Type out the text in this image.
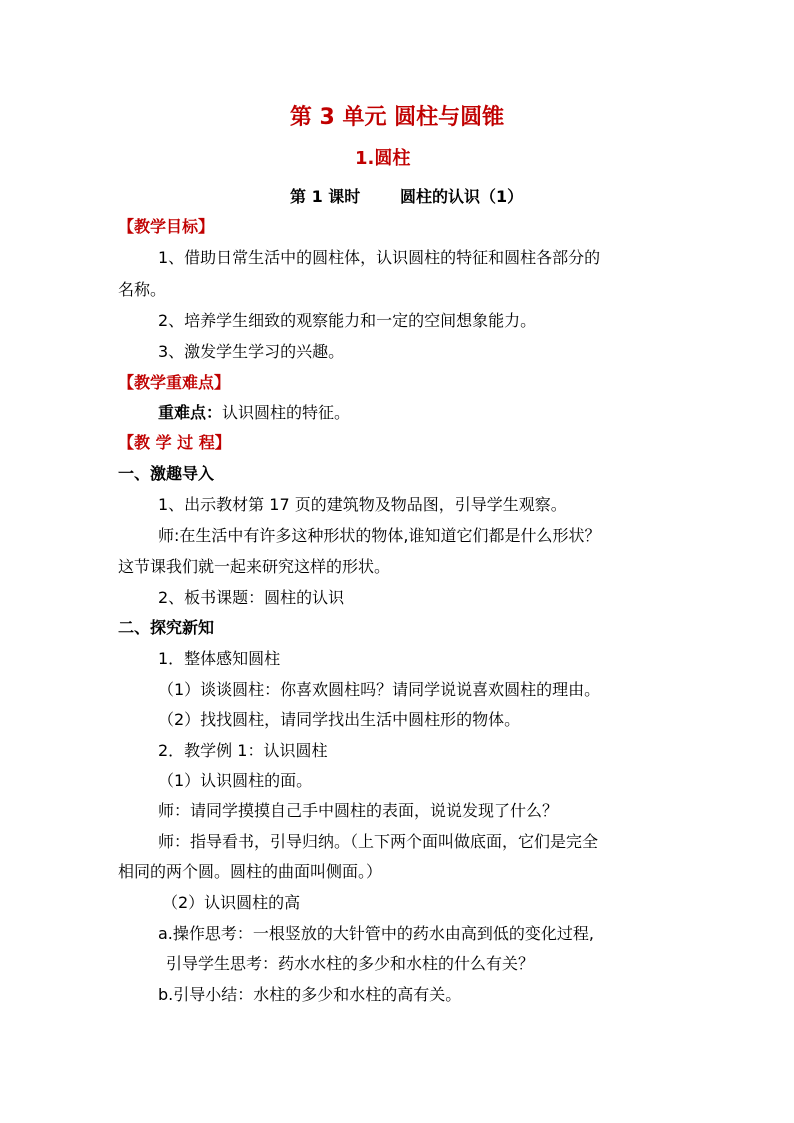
第 3 单元 圆柱与圆锥
1.圆柱
第 1 课时 圆柱的认识（1）
【教学目标】
1、借助日常生活中的圆柱体，认识圆柱的特征和圆柱各部分的
名称。
2、培养学生细致的观察能力和一定的空间想象能力。
3、激发学生学习的兴趣。
【教学重难点】
重难点：认识圆柱的特征。
【教 学 过 程】
一、激趣导入
1、出示教材第 17 页的建筑物及物品图，引导学生观察。
师:在生活中有许多这种形状的物体,谁知道它们都是什么形状？
这节课我们就一起来研究这样的形状。
2、板书课题：圆柱的认识
二、探究新知
1．整体感知圆柱
（1）谈谈圆柱：你喜欢圆柱吗？请同学说说喜欢圆柱的理由。
（2）找找圆柱，请同学找出生活中圆柱形的物体。
2．教学例 1：认识圆柱
（1）认识圆柱的面。
师：请同学摸摸自己手中圆柱的表面，说说发现了什么？
师：指导看书，引导归纳。（上下两个面叫做底面，它们是完全
相同的两个圆。圆柱的曲面叫侧面。）
（2）认识圆柱的高
a.操作思考：一根竖放的大针管中的药水由高到低的变化过程,
引导学生思考：药水水柱的多少和水柱的什么有关？
b.引导小结：水柱的多少和水柱的高有关。
